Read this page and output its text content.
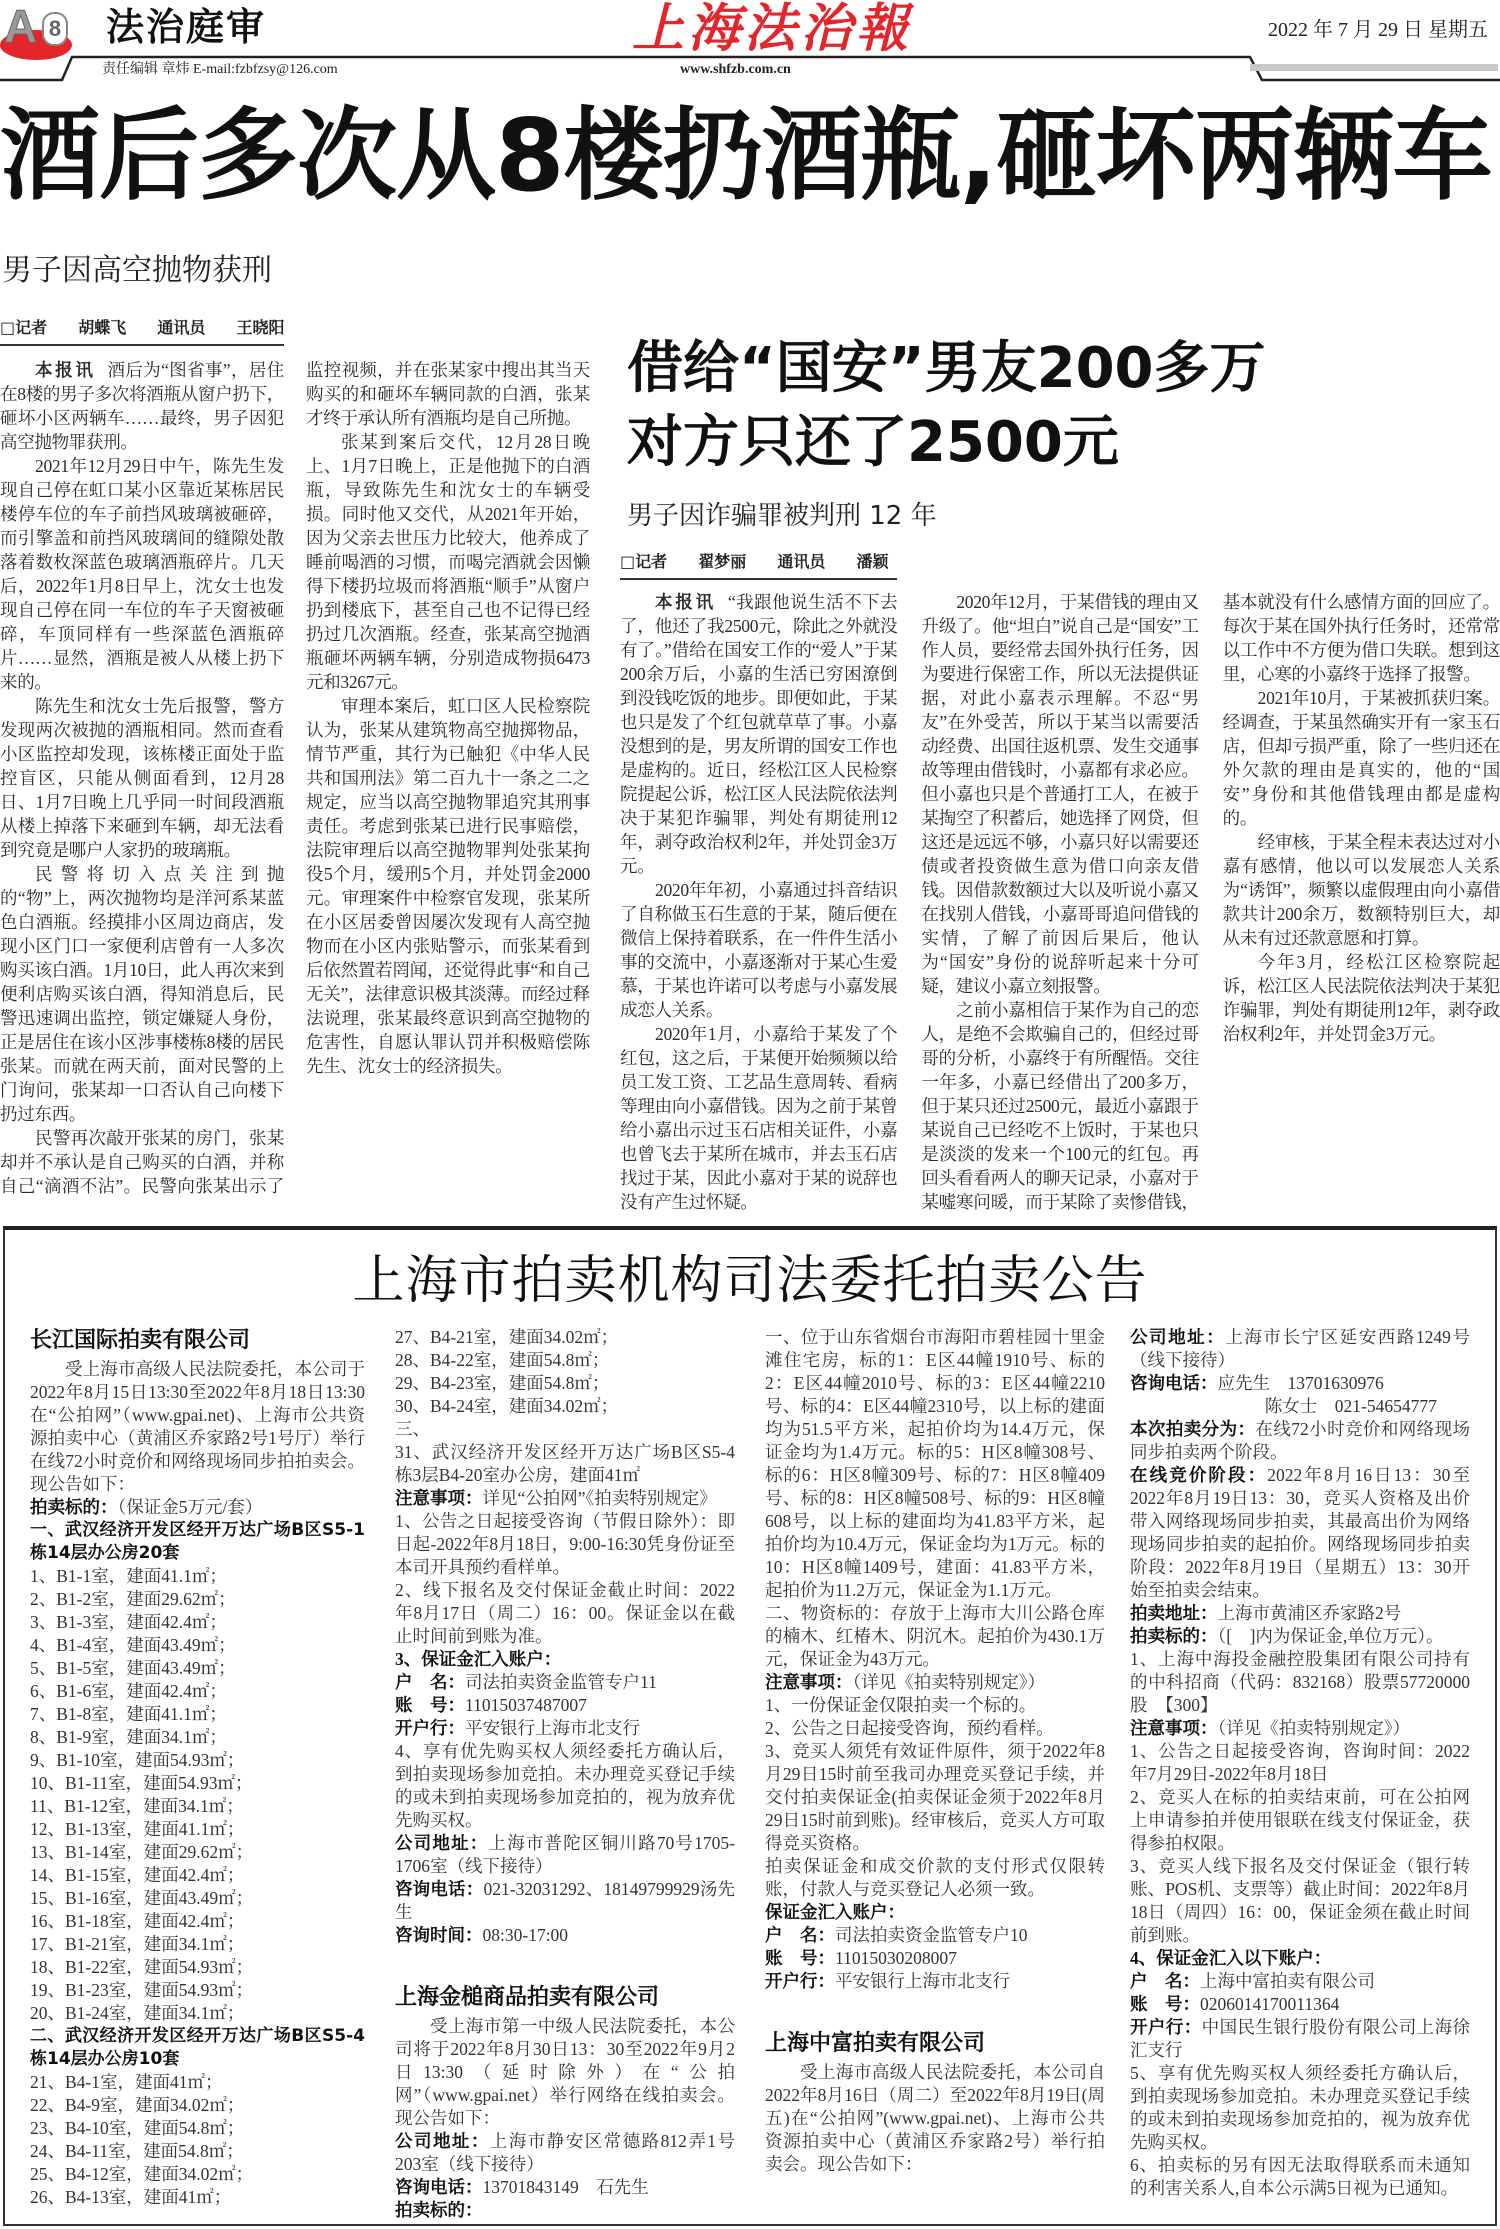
A 8 法治庭审	上海法治報	2022 年 7 月 29 日 星期五
责任编辑 章炜 E-mail:fzbfzsy@126.com	www.shfzb.com.cn
酒后多次从8楼扔酒瓶,砸坏两辆车
男子因高空抛物获刑
□记者  胡蝶飞  通讯员  王晓阳

本报讯 酒后为“图省事”，居住在8楼的男子多次将酒瓶从窗户扔下，砸坏小区两辆车……最终，男子因犯高空抛物罪获刑。

2021年12月29日中午，陈先生发现自己停在虹口某小区靠近某栋居民楼停车位的车子前挡风玻璃被砸碎，而引擎盖和前挡风玻璃间的缝隙处散落着数枚深蓝色玻璃酒瓶碎片。几天后，2022年1月8日早上，沈女士也发现自己停在同一车位的车子天窗被砸碎，车顶同样有一些深蓝色酒瓶碎片……显然，酒瓶是被人从楼上扔下来的。

陈先生和沈女士先后报警，警方发现两次被抛的酒瓶相同。然而查看小区监控却发现，该栋楼正面处于监控盲区，只能从侧面看到，12月28日、1月7日晚上几乎同一时间段酒瓶从楼上掉落下来砸到车辆，却无法看到究竟是哪户人家扔的玻璃瓶。

民警将切入点关注到抛的“物”上，两次抛物均是洋河系某蓝色白酒瓶。经摸排小区周边商店，发现小区门口一家便利店曾有一人多次购买该白酒。1月10日，此人再次来到便利店购买该白酒，得知消息后，民警迅速调出监控，锁定嫌疑人身份，正是居住在该小区涉事楼栋8楼的居民张某。而就在两天前，面对民警的上门询问，张某却一口否认自己向楼下扔过东西。

民警再次敲开张某的房门，张某却并不承认是自己购买的白酒，并称自己“滴酒不沾”。民警向张某出示了监控视频，并在张某家中搜出其当天购买的和砸坏车辆同款的白酒，张某才终于承认所有酒瓶均是自己所抛。

张某到案后交代，12月28日晚上、1月7日晚上，正是他抛下的白酒瓶，导致陈先生和沈女士的车辆受损。同时他又交代，从2021年开始，因为父亲去世压力比较大，他养成了睡前喝酒的习惯，而喝完酒就会因懒得下楼扔垃圾而将酒瓶“顺手”从窗户扔到楼底下，甚至自己也不记得已经扔过几次酒瓶。经查，张某高空抛酒瓶砸坏两辆车辆，分别造成物损6473元和3267元。

审理本案后，虹口区人民检察院认为，张某从建筑物高空抛掷物品，情节严重，其行为已触犯《中华人民共和国刑法》第二百九十一条之二之规定，应当以高空抛物罪追究其刑事责任。考虑到张某已进行民事赔偿，法院审理后以高空抛物罪判处张某拘役5个月，缓刑5个月，并处罚金2000元。审理案件中检察官发现，张某所在小区居委曾因屡次发现有人高空抛物而在小区内张贴警示，而张某看到后依然置若罔闻，还觉得此事“和自己无关”，法律意识极其淡薄。而经过释法说理，张某最终意识到高空抛物的危害性，自愿认罪认罚并积极赔偿陈先生、沈女士的经济损失。

借给“国安”男友200多万
对方只还了2500元
男子因诈骗罪被判刑 12 年
□记者  翟梦丽  通讯员  潘颖

本报讯 “我跟他说生活不下去了，他还了我2500元，除此之外就没有了。”借给在国安工作的“爱人”于某200余万后，小嘉的生活已穷困潦倒到没钱吃饭的地步。即便如此，于某也只是发了个红包就草草了事。小嘉没想到的是，男友所谓的国安工作也是虚构的。近日，经松江区人民检察院提起公诉，松江区人民法院依法判决于某犯诈骗罪，判处有期徒刑12年，剥夺政治权利2年，并处罚金3万元。

2020年年初，小嘉通过抖音结识了自称做玉石生意的于某，随后便在微信上保持着联系，在一件件生活小事的交流中，小嘉逐渐对于某心生爱慕，于某也许诺可以考虑与小嘉发展成恋人关系。

2020年1月，小嘉给于某发了个红包，这之后，于某便开始频频以给员工发工资、工艺品生意周转、看病等理由向小嘉借钱。因为之前于某曾给小嘉出示过玉石店相关证件，小嘉也曾飞去于某所在城市，并去玉石店找过于某，因此小嘉对于某的说辞也没有产生过怀疑。

2020年12月，于某借钱的理由又升级了。他“坦白”说自己是“国安”工作人员，要经常去国外执行任务，因为要进行保密工作，所以无法提供证据，对此小嘉表示理解。不忍“男友”在外受苦，所以于某当以需要活动经费、出国往返机票、发生交通事故等理由借钱时，小嘉都有求必应。但小嘉也只是个普通打工人，在被于某掏空了积蓄后，她选择了网贷，但这还是远远不够，小嘉只好以需要还债或者投资做生意为借口向亲友借钱。因借款数额过大以及听说小嘉又在找别人借钱，小嘉哥哥追问借钱的实情，了解了前因后果后，他认为“国安”身份的说辞听起来十分可疑，建议小嘉立刻报警。

之前小嘉相信于某作为自己的恋人，是绝不会欺骗自己的，但经过哥哥的分析，小嘉终于有所醒悟。交往一年多，小嘉已经借出了200多万，但于某只还过2500元，最近小嘉跟于某说自己已经吃不上饭时，于某也只是淡淡的发来一个100元的红包。再回头看看两人的聊天记录，小嘉对于某嘘寒问暖，而于某除了卖惨借钱，基本就没有什么感情方面的回应了。每次于某在国外执行任务时，还常常以工作中不方便为借口失联。想到这里，心寒的小嘉终于选择了报警。

2021年10月，于某被抓获归案。经调查，于某虽然确实开有一家玉石店，但却亏损严重，除了一些归还在外欠款的理由是真实的，他的“国安”身份和其他借钱理由都是虚构的。

经审核，于某全程未表达过对小嘉有感情，他以可以发展恋人关系为“诱饵”，频繁以虚假理由向小嘉借款共计200余万，数额特别巨大，却从未有过还款意愿和打算。

今年3月，经松江区检察院起诉，松江区人民法院依法判决于某犯诈骗罪，判处有期徒刑12年，剥夺政治权利2年，并处罚金3万元。

上海市拍卖机构司法委托拍卖公告
长江国际拍卖有限公司
受上海市高级人民法院委托，本公司于2022年8月15日13:30至2022年8月18日13:30在“公拍网”（www.gpai.net)、上海市公共资源拍卖中心（黄浦区乔家路2号1号厅）举行在线72小时竞价和网络现场同步拍拍卖会。现公告如下：
拍卖标的：（保证金5万元/套）
一、武汉经济开发区经开万达广场B区S5-1栋14层办公房20套
1、B1-1室，建面41.1㎡；
2、B1-2室，建面29.62㎡；
3、B1-3室，建面42.4㎡；
4、B1-4室，建面43.49㎡；
5、B1-5室，建面43.49㎡；
6、B1-6室，建面42.4㎡；
7、B1-8室，建面41.1㎡；
8、B1-9室，建面34.1㎡；
9、B1-10室，建面54.93㎡；
10、B1-11室，建面54.93㎡；
11、B1-12室，建面34.1㎡；
12、B1-13室，建面41.1㎡；
13、B1-14室，建面29.62㎡；
14、B1-15室，建面42.4㎡；
15、B1-16室，建面43.49㎡；
16、B1-18室，建面42.4㎡；
17、B1-21室，建面34.1㎡；
18、B1-22室，建面54.93㎡；
19、B1-23室，建面54.93㎡；
20、B1-24室，建面34.1㎡；
二、武汉经济开发区经开万达广场B区S5-4栋14层办公房10套
21、B4-1室，建面41㎡；
22、B4-9室，建面34.02㎡；
23、B4-10室，建面54.8㎡；
24、B4-11室，建面54.8㎡；
25、B4-12室，建面34.02㎡；
26、B4-13室，建面41㎡；
27、B4-21室，建面34.02㎡；
28、B4-22室，建面54.8㎡；
29、B4-23室，建面54.8㎡；
30、B4-24室，建面34.02㎡；
三、
31、武汉经济开发区经开万达广场B区S5-4栋3层B4-20室办公房，建面41㎡
注意事项：详见“公拍网”《拍卖特别规定》
1、公告之日起接受咨询（节假日除外）：即日起-2022年8月18日，9:00-16:30凭身份证至本司开具预约看样单。
2、线下报名及交付保证金截止时间：2022年8月17日（周二）16：00。保证金以在截止时间前到账为准。
3、保证金汇入账户：
户　名：司法拍卖资金监管专户11
账　号：11015037487007
开户行：平安银行上海市北支行
4、享有优先购买权人须经委托方确认后，到拍卖现场参加竞拍。未办理竞买登记手续的或未到拍卖现场参加竞拍的，视为放弃优先购买权。
公司地址：上海市普陀区铜川路70号1705-1706室（线下接待）
咨询电话：021-32031292、18149799929汤先生
咨询时间：08:30-17:00
上海金槌商品拍卖有限公司
受上海市第一中级人民法院委托，本公司将于2022年8月30日13：30至2022年9月2日13:30（延时除外）在“公拍网”（www.gpai.net）举行网络在线拍卖会。现公告如下：
公司地址：上海市静安区常德路812弄1号203室（线下接待）
咨询电话：13701843149　石先生
拍卖标的：
一、位于山东省烟台市海阳市碧桂园十里金滩住宅房，标的1：E区44幢1910号、标的2：E区44幢2010号、标的3：E区44幢2210号、标的4：E区44幢2310号，以上标的建面均为51.5平方米，起拍价均为14.4万元，保证金均为1.4万元。标的5：H区8幢308号、标的6：H区8幢309号、标的7：H区8幢409号、标的8：H区8幢508号、标的9：H区8幢608号，以上标的建面均为41.83平方米，起拍价均为10.4万元，保证金均为1万元。标的10：H区8幢1409号，建面：41.83平方米，起拍价为11.2万元，保证金为1.1万元。
二、物资标的：存放于上海市大川公路仓库的楠木、红椿木、阴沉木。起拍价为430.1万元，保证金为43万元。
注意事项：（详见《拍卖特别规定》）
1、一份保证金仅限拍卖一个标的。
2、公告之日起接受咨询，预约看样。
3、竞买人须凭有效证件原件，须于2022年8月29日15时前至我司办理竞买登记手续，并交付拍卖保证金(拍卖保证金须于2022年8月29日15时前到账)。经审核后，竞买人方可取得竞买资格。
拍卖保证金和成交价款的支付形式仅限转账，付款人与竞买登记人必须一致。
保证金汇入账户：
户　名：司法拍卖资金监管专户10
账　号：11015030208007
开户行：平安银行上海市北支行
上海中富拍卖有限公司
受上海市高级人民法院委托，本公司自2022年8月16日（周二）至2022年8月19日(周五)在“公拍网”(www.gpai.net)、上海市公共资源拍卖中心（黄浦区乔家路2号）举行拍卖会。现公告如下：
公司地址：上海市长宁区延安西路1249号（线下接待）
咨询电话：应先生　13701630976
陈女士　021-54654777
本次拍卖分为：在线72小时竞价和网络现场同步拍卖两个阶段。
在线竞价阶段：2022年8月16日13：30至2022年8月19日13：30，竞买人资格及出价带入网络现场同步拍卖，其最高出价为网络现场同步拍卖的起拍价。网络现场同步拍卖阶段：2022年8月19日（星期五）13：30开始至拍卖会结束。
拍卖地址：上海市黄浦区乔家路2号
拍卖标的：（[　]内为保证金,单位万元）。
1、上海中海投金融控股集团有限公司持有的中科招商（代码：832168）股票57720000股　【300】
注意事项：（详见《拍卖特别规定》）
1、公告之日起接受咨询，咨询时间：2022年7月29日-2022年8月18日
2、竞买人在标的拍卖结束前，可在公拍网上申请参拍并使用银联在线支付保证金，获得参拍权限。
3、竞买人线下报名及交付保证金（银行转账、POS机、支票等）截止时间：2022年8月18日（周四）16：00，保证金须在截止时间前到账。
4、保证金汇入以下账户：
户　名：上海中富拍卖有限公司
账　号：0206014170011364
开户行：中国民生银行股份有限公司上海徐汇支行
5、享有优先购买权人须经委托方确认后，到拍卖现场参加竞拍。未办理竞买登记手续的或未到拍卖现场参加竞拍的，视为放弃优先购买权。
6、拍卖标的另有因无法取得联系而未通知的利害关系人,自本公示满5日视为已通知。
